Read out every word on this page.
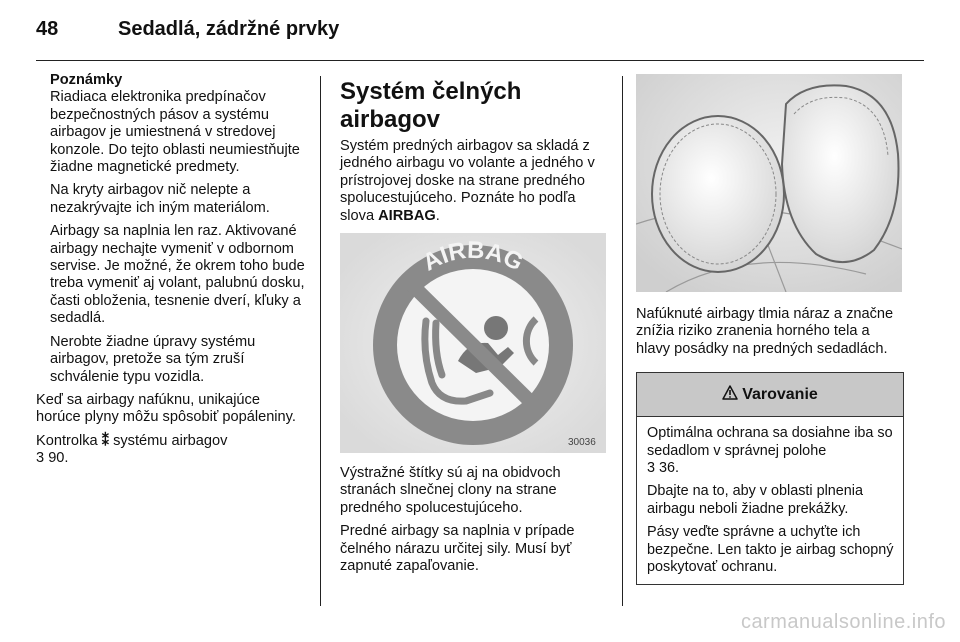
48	Sedadlá, zádržné prvky
Poznámky
Riadiaca elektronika predpínačov bezpečnostných pásov a systému airbagov je umiestnená v stredovej konzole. Do tejto oblasti neumiestňujte žiadne magnetické predmety.
Na kryty airbagov nič nelepte a nezakrývajte ich iným materiálom.
Airbagy sa naplnia len raz. Aktivované airbagy nechajte vymeniť v odbornom servise. Je možné, že okrem toho bude treba vymeniť aj volant, palubnú dosku, časti obloženia, tesnenie dverí, kľuky a sedadlá.
Nerobte žiadne úpravy systému airbagov, pretože sa tým zruší schválenie typu vozidla.
Keď sa airbagy nafúknu, unikajúce horúce plyny môžu spôsobiť popáleniny.
Kontrolka ⁑ systému airbagov
3 90.
Systém čelných airbagov
Systém predných airbagov sa skladá z jedného airbagu vo volante a jedného v prístrojovej doske na strane predného spolucestujúceho. Poznáte ho podľa slova AIRBAG.
AIRBAG
30036
Výstražné štítky sú aj na obidvoch stranách slnečnej clony na strane predného spolucestujúceho.
Predné airbagy sa naplnia v prípade čelného nárazu určitej sily. Musí byť zapnuté zapaľovanie.
Nafúknuté airbagy tlmia náraz a značne znížia riziko zranenia horného tela a hlavy posádky na predných sedadlách.
Varovanie
Optimálna ochrana sa dosiahne iba so sedadlom v správnej polohe
3 36.
Dbajte na to, aby v oblasti plnenia airbagu neboli žiadne prekážky.
Pásy veďte správne a uchyťte ich bezpečne. Len takto je airbag schopný poskytovať ochranu.
carmanualsonline.info
